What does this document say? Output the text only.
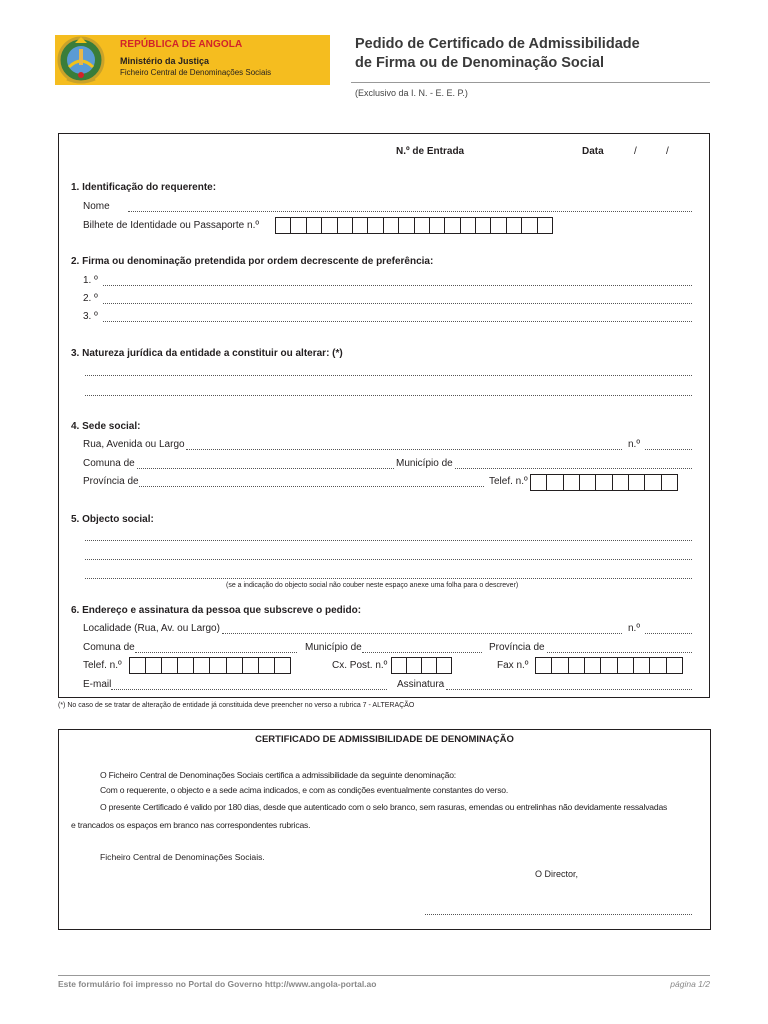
REPÚBLICA DE ANGOLA
Ministério da Justiça
Ficheiro Central de Denominações Sociais
Pedido de Certificado de Admissibilidade
de Firma ou de Denominação Social
(Exclusivo da I. N. - E. E. P.)
N.º de Entrada	Data	/	/
1. Identificação do requerente:
Nome
Bilhete de Identidade ou Passaporte n.º
2. Firma ou denominação pretendida por ordem decrescente de preferência:
1. º
2. º
3. º
3. Natureza jurídica da entidade a constituir ou alterar: (*)
4. Sede social:
Rua, Avenida ou Largo	n.º
Comuna de	Município de
Província de	Telef. n.º
5. Objecto social:
(se a indicação do objecto social não couber neste espaço anexe uma folha para o descrever)
6. Endereço e assinatura da pessoa que subscreve o pedido:
Localidade (Rua, Av. ou Largo)	n.º
Comuna de	Município de	Província de
Telef. n.º	Cx. Post. n.º	Fax n.º
E-mail	Assinatura
(*) No caso de se tratar de alteração de entidade já constituida deve preencher no verso a rubrica 7 - ALTERAÇÃO
CERTIFICADO DE ADMISSIBILIDADE DE DENOMINAÇÃO
O Ficheiro Central de Denominações Sociais certifica a admissibilidade da seguinte denominação:
Com o requerente, o objecto e a sede acima indicados, e com as condições eventualmente constantes do verso.
O presente Certificado é valido por 180 dias, desde que autenticado com o selo branco, sem rasuras, emendas ou entrelinhas não devidamente ressalvadas
e trancados os espaços em branco nas correspondentes rubricas.
Ficheiro Central de Denominações Sociais.
O Director,
Este formulário foi impresso no Portal do Governo http://www.angola-portal.ao	página 1/2
